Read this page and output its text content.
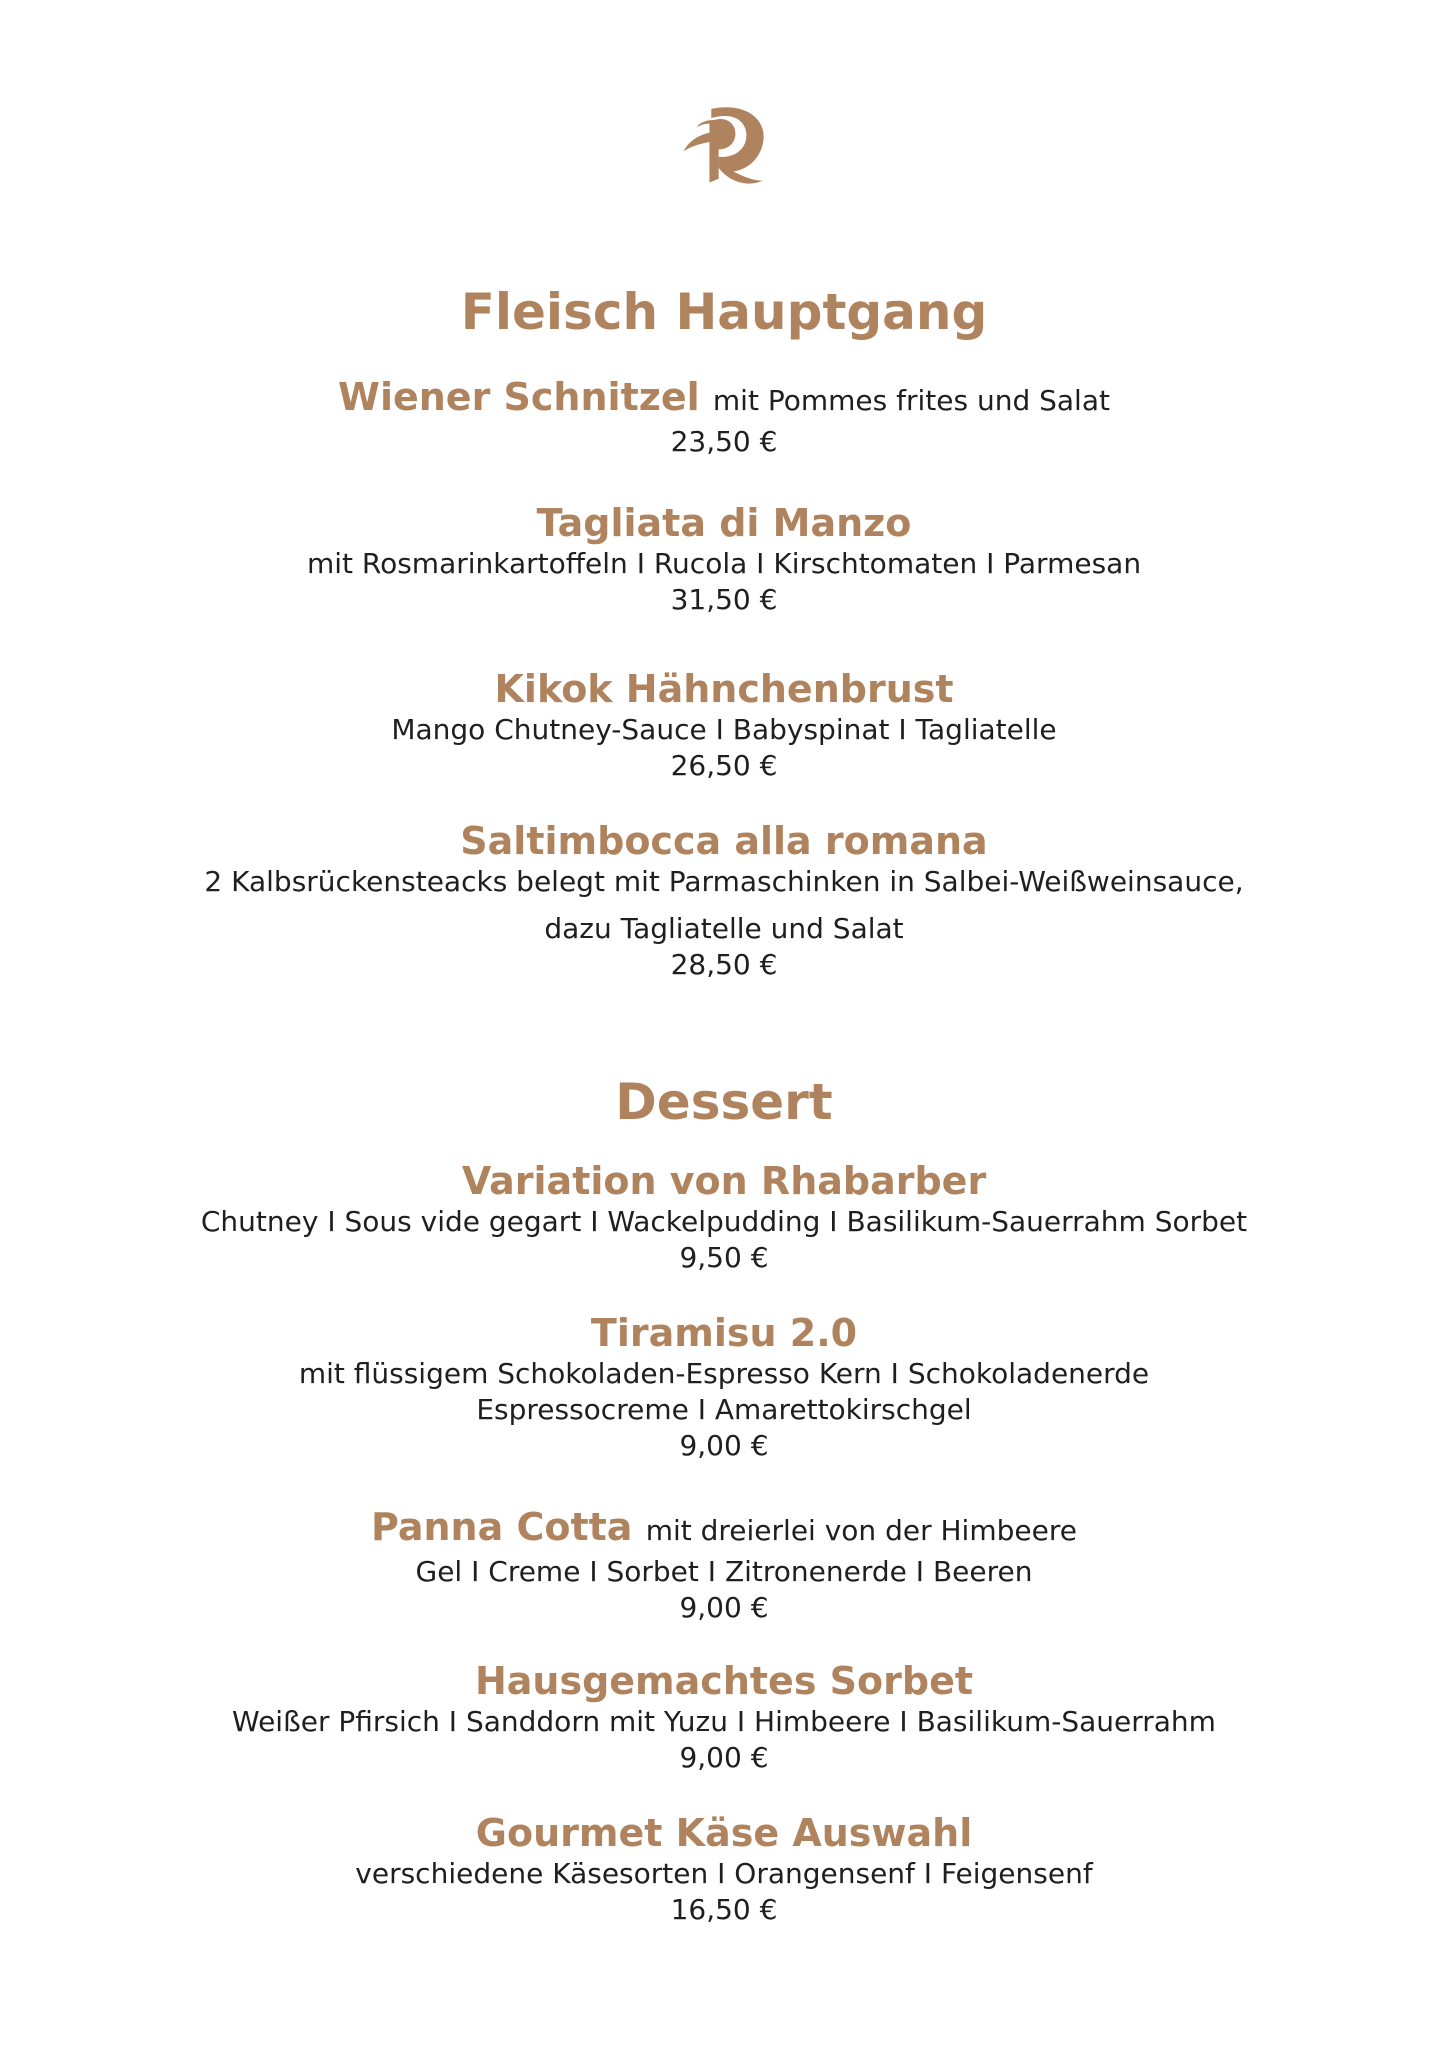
Fleisch Hauptgang
Wiener Schnitzel mit Pommes frites und Salat
23,50 €
Tagliata di Manzo
mit Rosmarinkartoffeln I Rucola I Kirschtomaten I Parmesan
31,50 €
Kikok Hähnchenbrust
Mango Chutney-Sauce I Babyspinat I Tagliatelle
26,50 €
Saltimbocca alla romana
2 Kalbsrückensteacks belegt mit Parmaschinken in Salbei-Weißweinsauce,
dazu Tagliatelle und Salat
28,50 €
Dessert
Variation von Rhabarber
Chutney I Sous vide gegart I Wackelpudding I Basilikum-Sauerrahm Sorbet
9,50 €
Tiramisu 2.0
mit flüssigem Schokoladen-Espresso Kern I Schokoladenerde
Espressocreme I Amarettokirschgel
9,00 €
Panna Cotta mit dreierlei von der Himbeere
Gel I Creme I Sorbet I Zitronenerde I Beeren
9,00 €
Hausgemachtes Sorbet
Weißer Pfirsich I Sanddorn mit Yuzu I Himbeere I Basilikum-Sauerrahm
9,00 €
Gourmet Käse Auswahl
verschiedene Käsesorten I Orangensenf I Feigensenf
16,50 €
